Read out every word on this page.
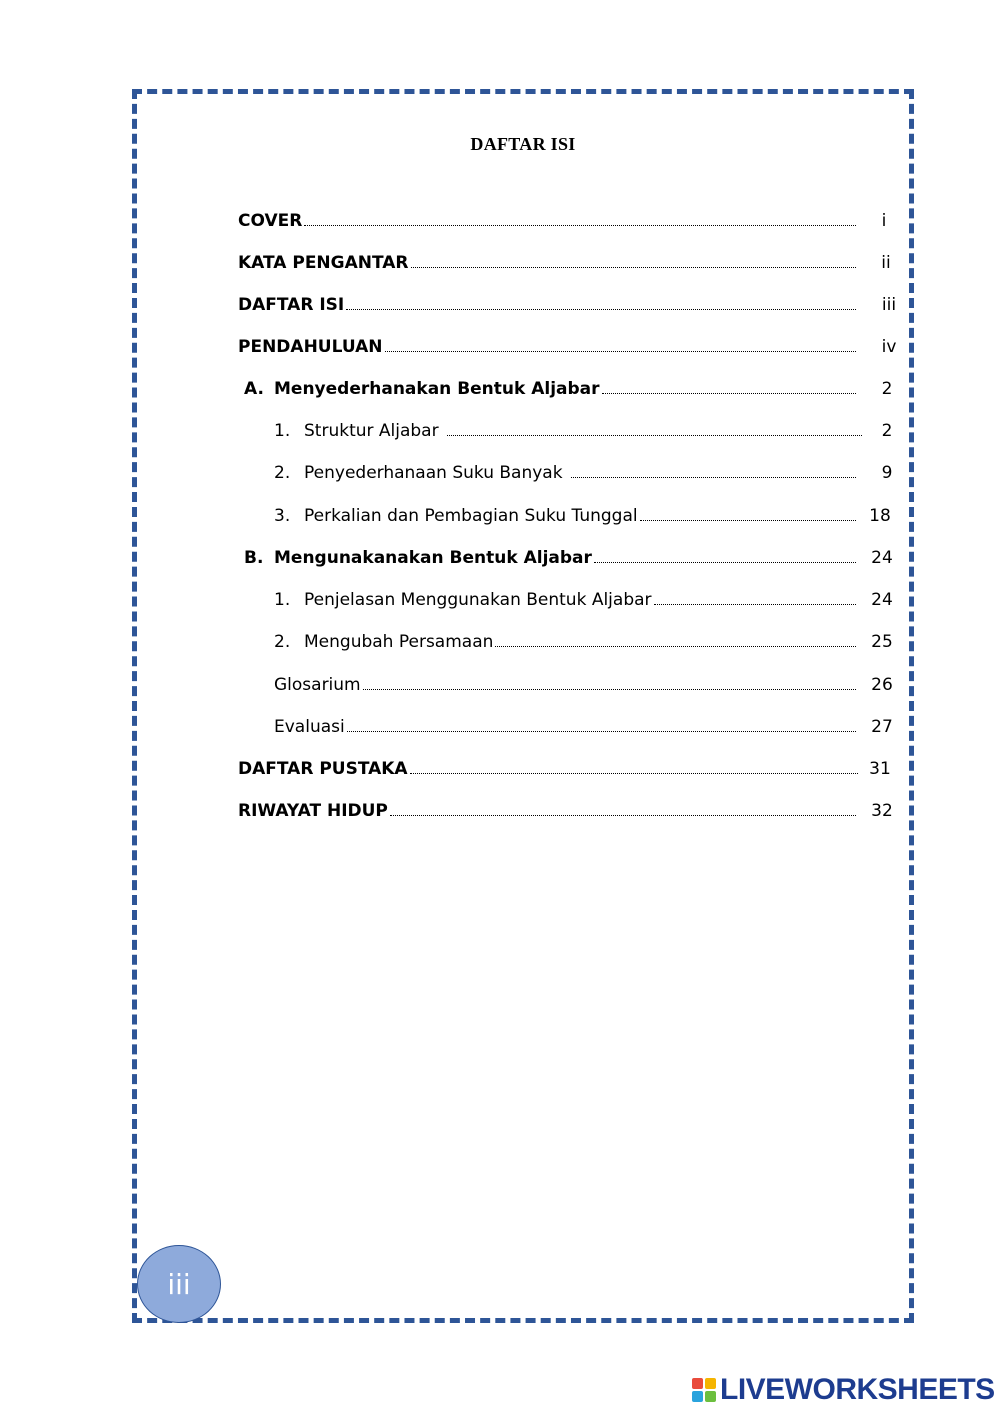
DAFTAR ISI
COVER	i
KATA PENGANTAR	ii
DAFTAR ISI	iii
PENDAHULUAN	iv
A. Menyederhanakan Bentuk Aljabar	2
1. Struktur Aljabar	2
2. Penyederhanaan Suku Banyak	9
3. Perkalian dan Pembagian Suku Tunggal	18
B. Mengunakanakan Bentuk Aljabar	24
1. Penjelasan Menggunakan Bentuk Aljabar	24
2. Mengubah Persamaan	25
Glosarium	26
Evaluasi	27
DAFTAR PUSTAKA	31
RIWAYAT HIDUP	32
iii
LIVEWORKSHEETS
